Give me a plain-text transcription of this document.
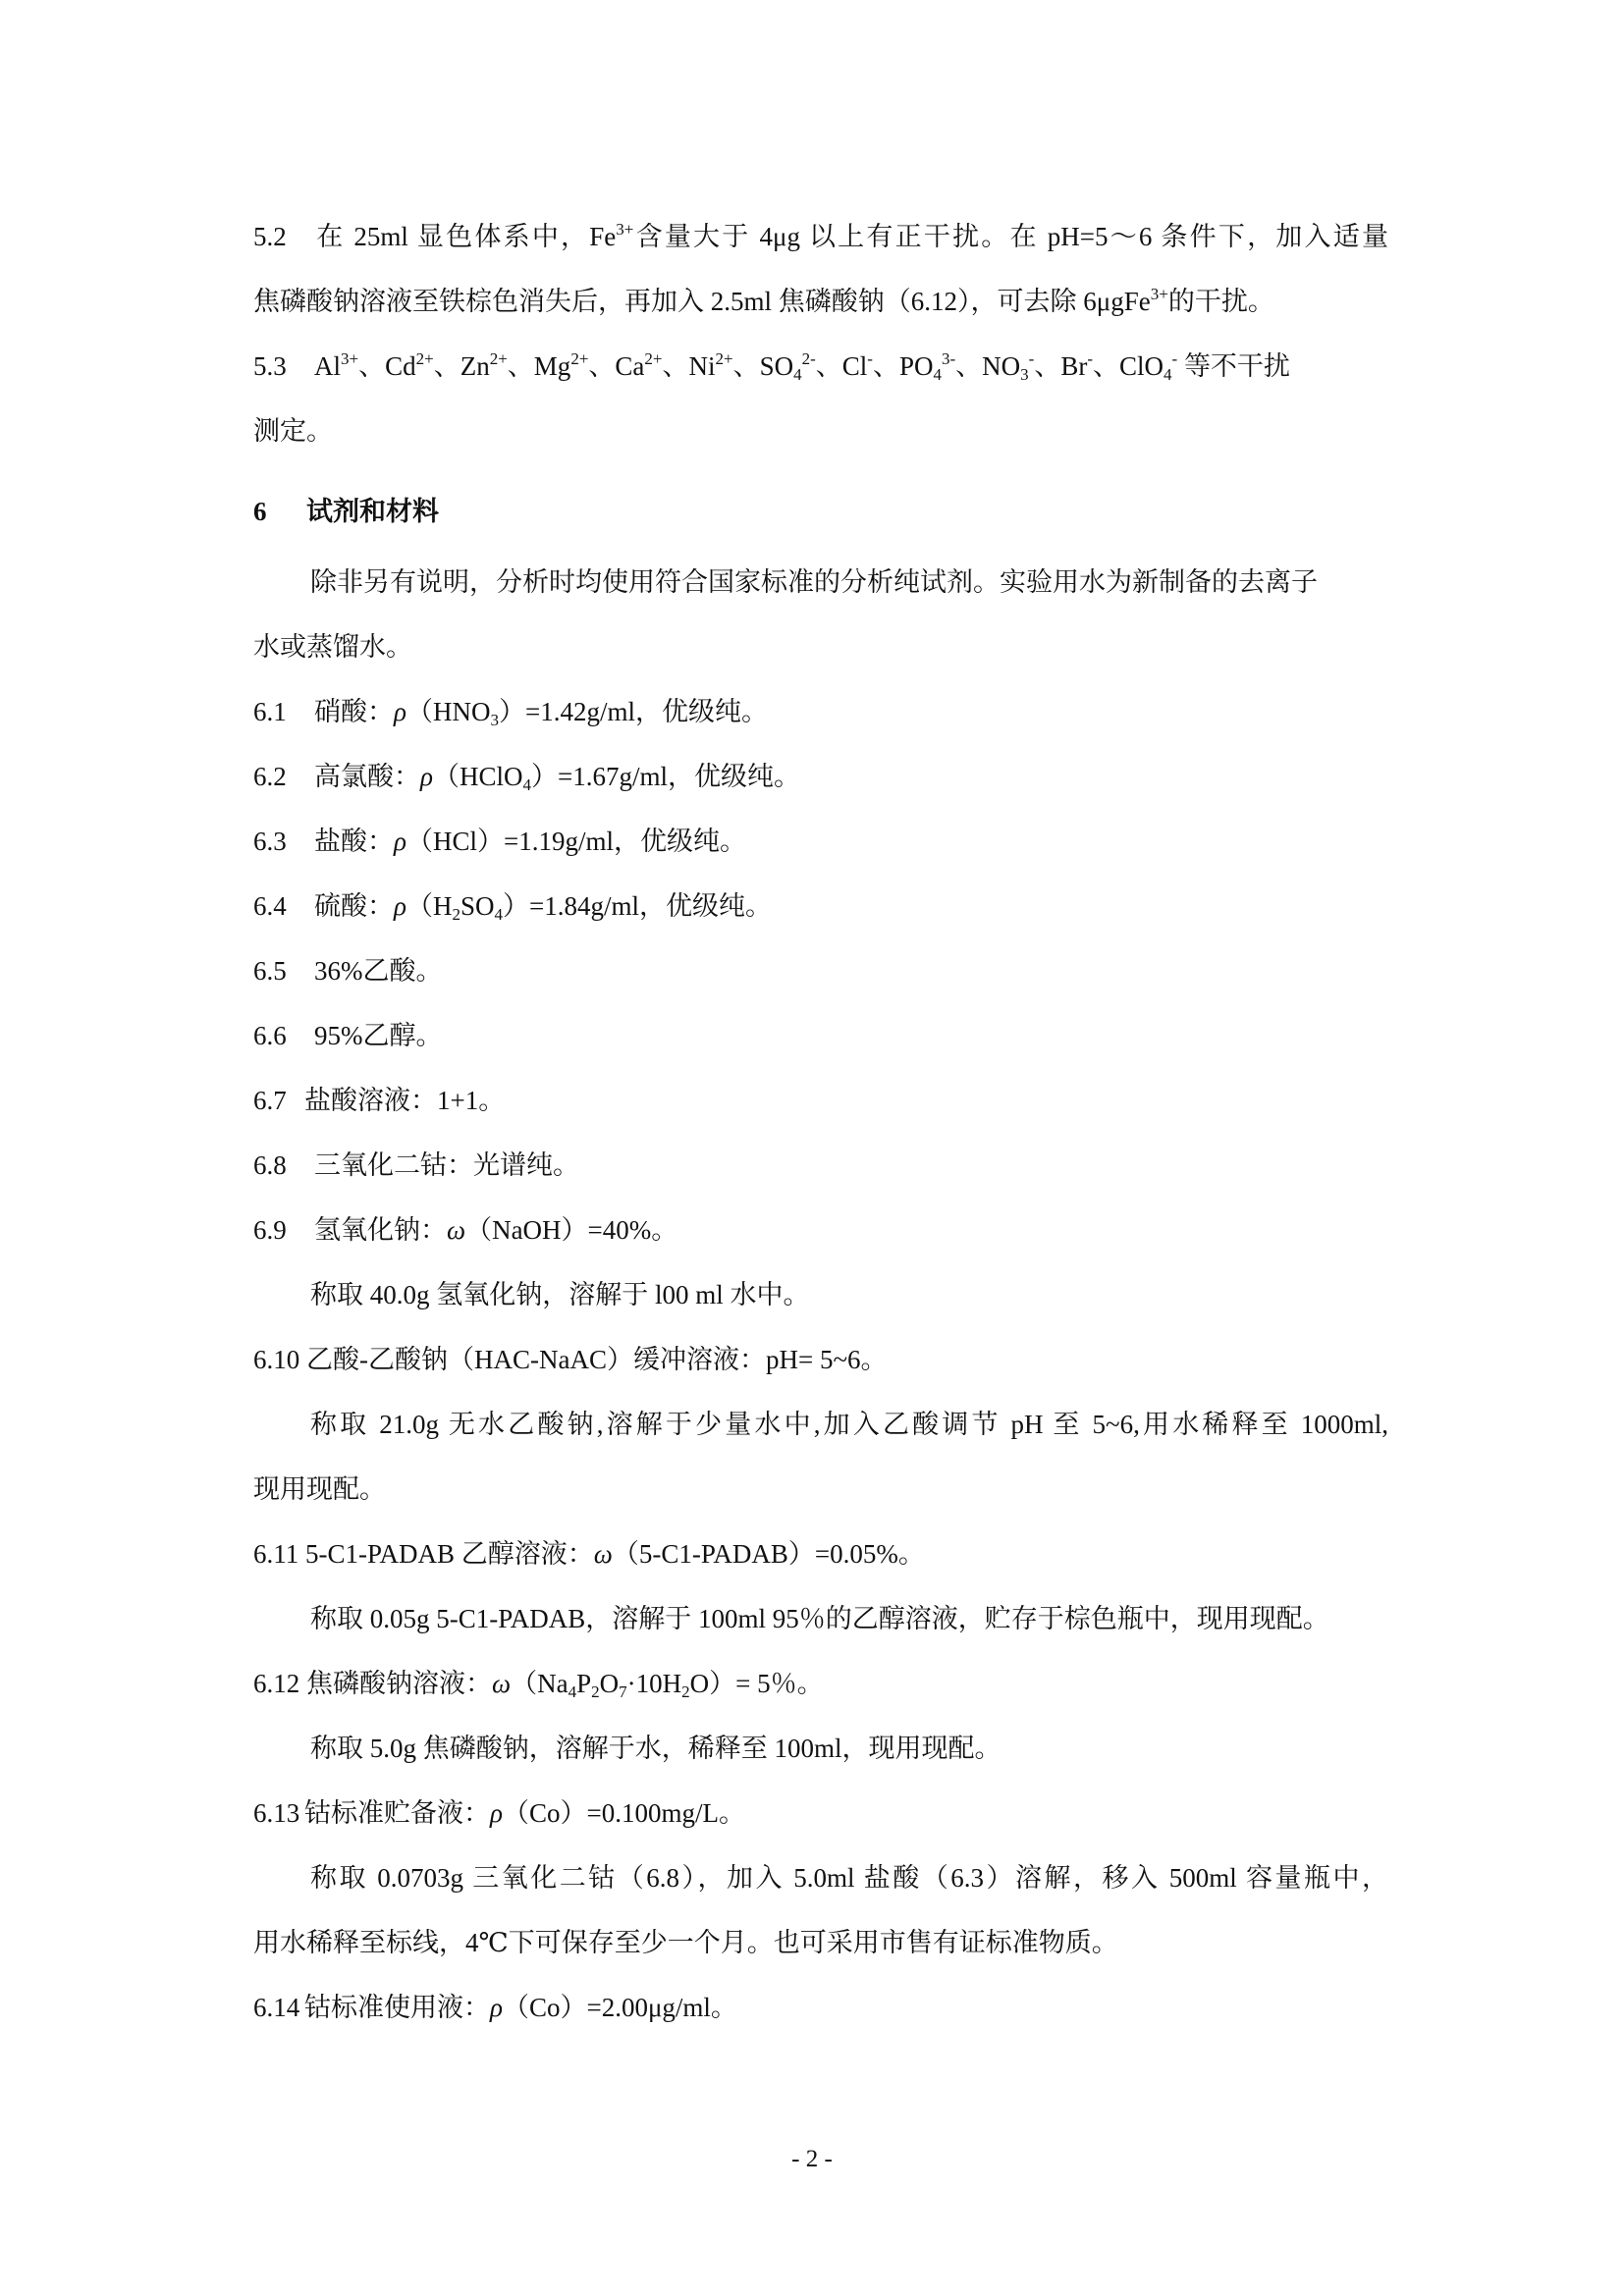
5.2 在 25ml 显色体系中，$Fe^{3+}$含量大于 4μg 以上有正干扰。在 pH=5～6 条件下，加入适量

焦磷酸钠溶液至铁棕色消失后，再加入 2.5ml 焦磷酸钠（6.12），可去除 6μgFe$^{3+}$的干扰。

5.3 $Al^{3+}$、$Cd^{2+}$、$Zn^{2+}$、$Mg^{2+}$、$Ca^{2+}$、$Ni^{2+}$、$SO_4^{2-}$、Cl-、$PO_4^{3-}$、$NO_3^-$、Br-、ClO$_4$- 等不干扰

测定。

6 试剂和材料

除非另有说明，分析时均使用符合国家标准的分析纯试剂。实验用水为新制备的去离子

水或蒸馏水。

6.1 硝酸：$\rho(HNO_3)=1.42g/ml$，优级纯。

6.2 高氯酸：ρ（HClO$_4$）=1.67g/ml，优级纯。

6.3 盐酸：ρ（HCl）=1.19g/ml，优级纯。

6.4 硫酸：$\rho(H_2SO_4)=1.84g/ml$，优级纯。

6.5 36%乙酸。

6.6 95%乙醇。

6.7 盐酸溶液：1+1。

6.8 三氧化二钴：光谱纯。

6.9 氢氧化钠：ω（NaOH）=40%。

称取 40.0g 氢氧化钠，溶解于 l00 ml 水中。

6.10 乙酸-乙酸钠（HAC-NaAC）缓冲溶液：pH= 5~6。

称取 21.0g 无水乙酸钠,溶解于少量水中,加入乙酸调节 pH 至 5~6,用水稀释至 1000ml,

现用现配。

6.11 5-C1-PADAB 乙醇溶液：ω（5-C1-PADAB）=0.05%。

称取 0.05g 5-C1-PADAB，溶解于 100ml 95％的乙醇溶液，贮存于棕色瓶中，现用现配。

6.12 焦磷酸钠溶液：$\omega(Na_4P_2O_7\cdot 10H_2O)= 5$％。

称取 5.0g 焦磷酸钠，溶解于水，稀释至 100ml，现用现配。

6.13 钴标准贮备液：ρ（Co）=0.100mg/L。

称取 0.0703g 三氧化二钴（6.8），加入 5.0ml 盐酸（6.3）溶解，移入 500ml 容量瓶中，

用水稀释至标线，4℃下可保存至少一个月。也可采用市售有证标准物质。

6.14 钴标准使用液：ρ（Co）=2.00μg/ml。

- 2 -
